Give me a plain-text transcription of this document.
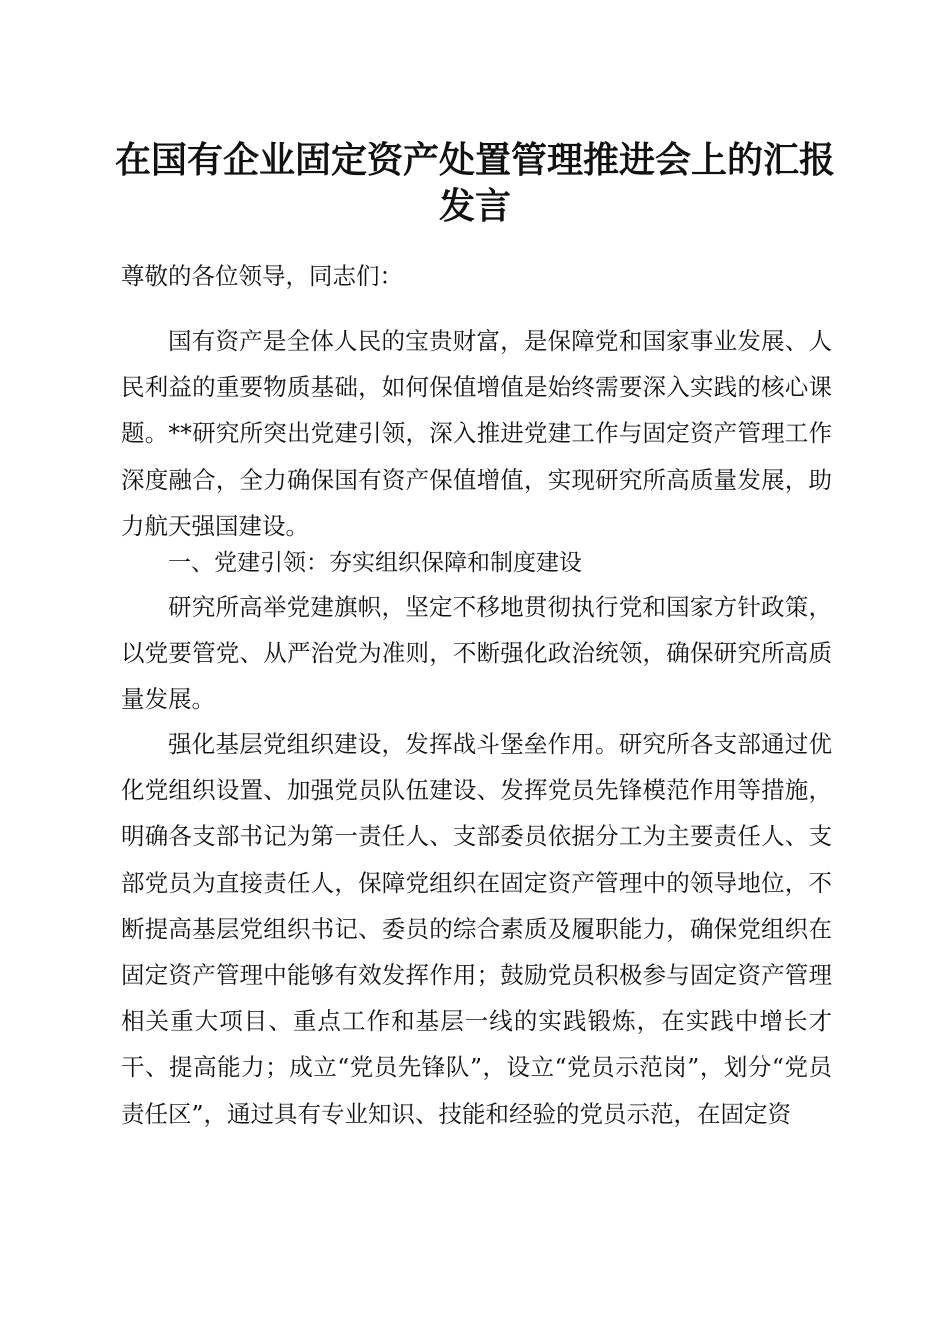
在国有企业固定资产处置管理推进会上的汇报
发言

尊敬的各位领导，同志们：

国有资产是全体人民的宝贵财富，是保障党和国家事业发展、人民利益的重要物质基础，如何保值增值是始终需要深入实践的核心课题。**研究所突出党建引领，深入推进党建工作与固定资产管理工作深度融合，全力确保国有资产保值增值，实现研究所高质量发展，助力航天强国建设。

一、党建引领：夯实组织保障和制度建设

研究所高举党建旗帜，坚定不移地贯彻执行党和国家方针政策，以党要管党、从严治党为准则，不断强化政治统领，确保研究所高质量发展。

强化基层党组织建设，发挥战斗堡垒作用。研究所各支部通过优化党组织设置、加强党员队伍建设、发挥党员先锋模范作用等措施，明确各支部书记为第一责任人、支部委员依据分工为主要责任人、支部党员为直接责任人，保障党组织在固定资产管理中的领导地位，不断提高基层党组织书记、委员的综合素质及履职能力，确保党组织在固定资产管理中能够有效发挥作用；鼓励党员积极参与固定资产管理相关重大项目、重点工作和基层一线的实践锻炼，在实践中增长才干、提高能力；成立“党员先锋队”，设立“党员示范岗”，划分“党员责任区”，通过具有专业知识、技能和经验的党员示范，在固定资
